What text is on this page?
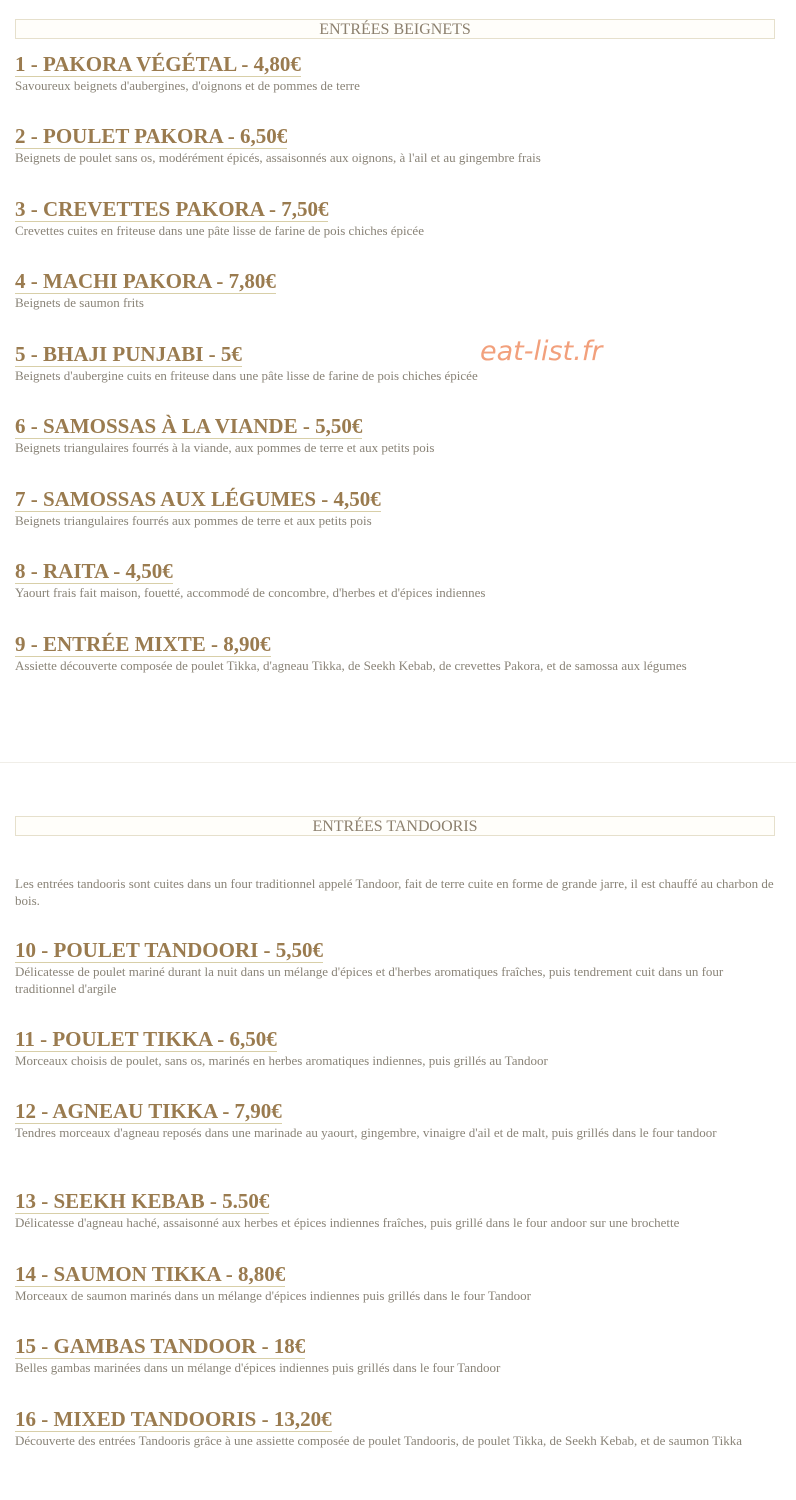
ENTRÉES BEIGNETS
1 - PAKORA VÉGÉTAL - 4,80€

Savoureux beignets d'aubergines, d'oignons et de pommes de terre

2 - POULET PAKORA - 6,50€

Beignets de poulet sans os, modérément épicés, assaisonnés aux oignons, à l'ail et au gingembre frais

3 - CREVETTES PAKORA - 7,50€

Crevettes cuites en friteuse dans une pâte lisse de farine de pois chiches épicée

4 - MACHI PAKORA - 7,80€

Beignets de saumon frits

5 - BHAJI PUNJABI - 5€

Beignets d'aubergine cuits en friteuse dans une pâte lisse de farine de pois chiches épicée

6 - SAMOSSAS À LA VIANDE - 5,50€

Beignets triangulaires fourrés à la viande, aux pommes de terre et aux petits pois

7 - SAMOSSAS AUX LÉGUMES - 4,50€

Beignets triangulaires fourrés aux pommes de terre et aux petits pois

8 - RAITA - 4,50€

Yaourt frais fait maison, fouetté, accommodé de concombre, d'herbes et d'épices indiennes

9 - ENTRÉE MIXTE - 8,90€

Assiette découverte composée de poulet Tikka, d'agneau Tikka, de Seekh Kebab, de crevettes Pakora, et de samossa aux légumes

eat-list.fr
ENTRÉES TANDOORIS

Les entrées tandooris sont cuites dans un four traditionnel appelé Tandoor, fait de terre cuite en forme de grande jarre, il est chauffé au charbon de bois.

10 - POULET TANDOORI - 5,50€

Délicatesse de poulet mariné durant la nuit dans un mélange d'épices et d'herbes aromatiques fraîches, puis tendrement cuit dans un four traditionnel d'argile

11 - POULET TIKKA - 6,50€

Morceaux choisis de poulet, sans os, marinés en herbes aromatiques indiennes, puis grillés au Tandoor

12 - AGNEAU TIKKA - 7,90€

Tendres morceaux d'agneau reposés dans une marinade au yaourt, gingembre, vinaigre d'ail et de malt, puis grillés dans le four tandoor

13 - SEEKH KEBAB - 5.50€

Délicatesse d'agneau haché, assaisonné aux herbes et épices indiennes fraîches, puis grillé dans le four andoor sur une brochette

14 - SAUMON TIKKA - 8,80€

Morceaux de saumon marinés dans un mélange d'épices indiennes puis grillés dans le four Tandoor

15 - GAMBAS TANDOOR - 18€

Belles gambas marinées dans un mélange d'épices indiennes puis grillés dans le four Tandoor

16 - MIXED TANDOORIS - 13,20€

Découverte des entrées Tandooris grâce à une assiette composée de poulet Tandooris, de poulet Tikka, de Seekh Kebab, et de saumon Tikka
